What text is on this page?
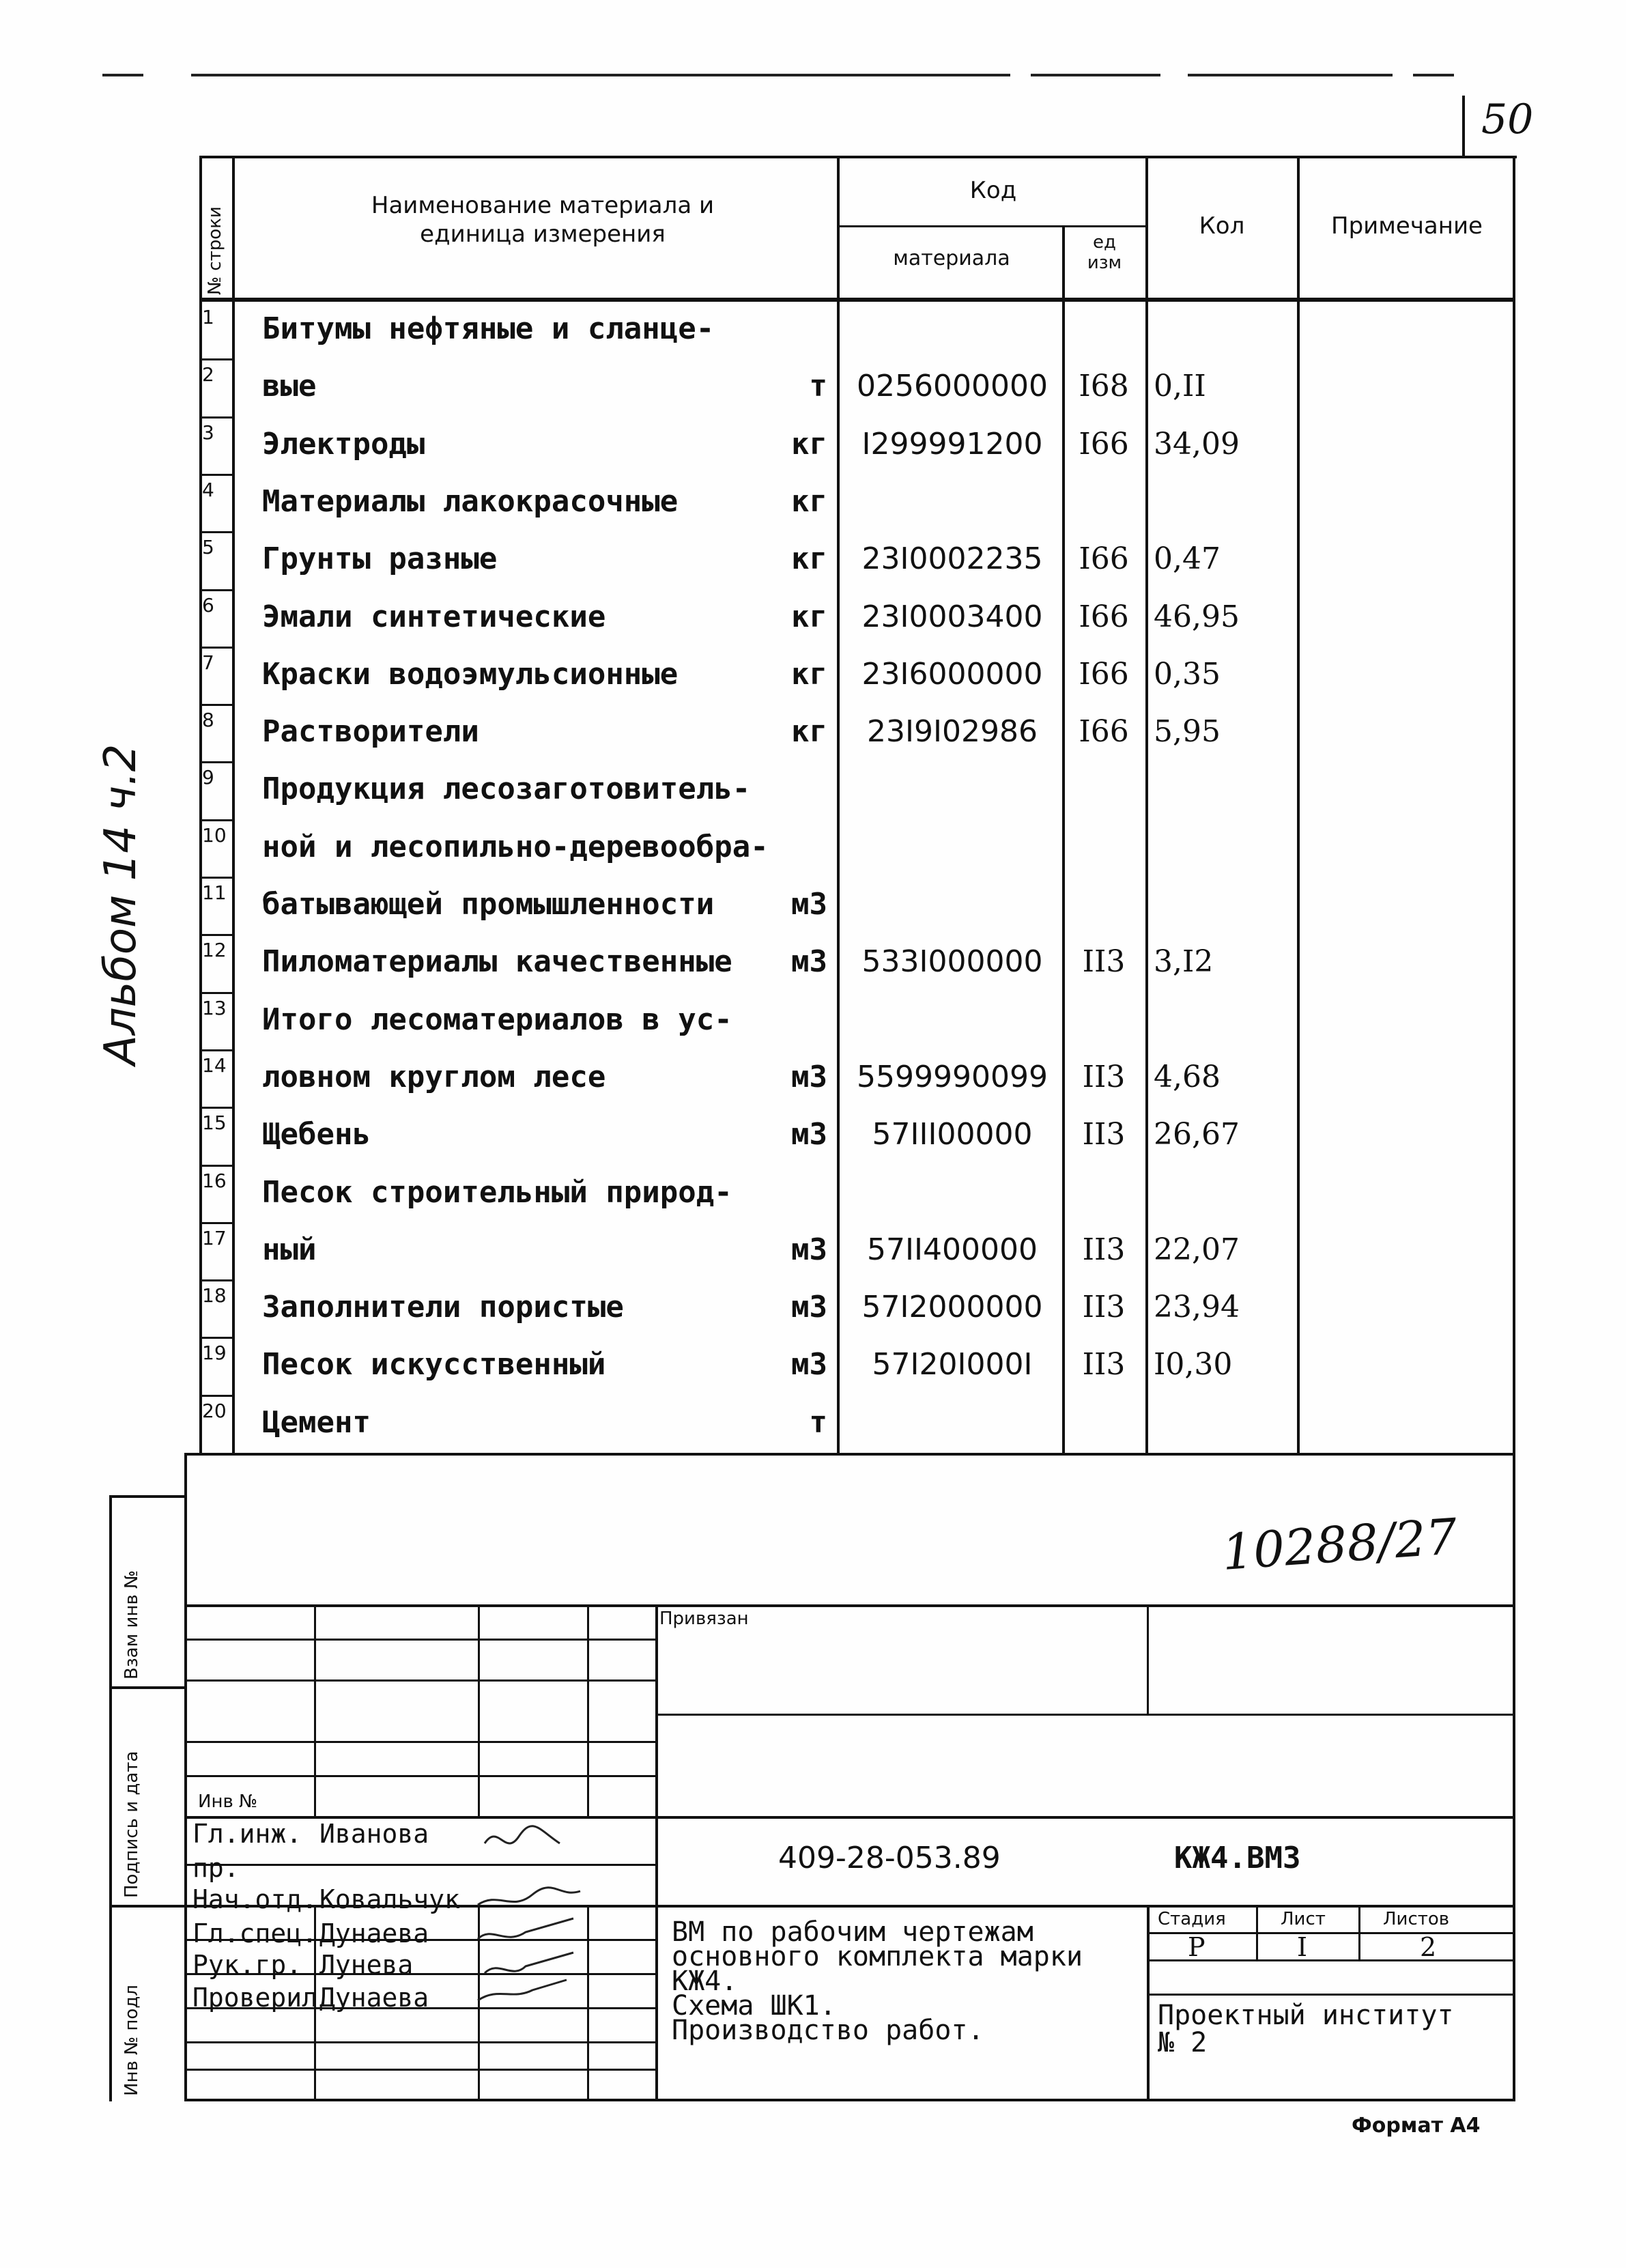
50
№ строки
Наименование материала и
единица измерения
Код
материала
ед
изм
Кол	Примечание
1	Битумы нефтяные и сланце-
2	вые	т 0256000000	I68 0,II
3	Электроды	кг	I299991200	I66 34,09
4	Материалы лакокрасочные	кг
5	Грунты разные	кг	23I0002235	I66 0,47
6	Эмали синтетические	кг	23I0003400	I66 46,95
7	Краски водоэмульсионные	кг	23I6000000	I66 0,35
8	Растворители	кг	23I9I02986	I66 5,95
9	Продукция лесозаготовитель-
10 ной и лесопильно-деревообра-
11 батывающей промышленности	м3
12 Пиломатериалы качественные	м3	533I000000	II3 3,I2
13 Итого лесоматериалов в ус-
14 ловном круглом лесе	м3 5599990099	II3 4,68
15 Щебень	м3	57III00000	II3 26,67
16 Песок строительный природ-
17 ный	м3	57II400000	II3 22,07
18 Заполнители пористые	м3	57I2000000	II3 23,94
19 Песок искусственный	м3	57I20I000I	II3 I0,30
20 Цемент	т
Альбом 14 ч.2
10288/27
Взам инв №
Подпись и дата
Инв № подл
Привязан
Инв №
Гл.инж. Иванова
пр.
Нач.отд. Ковальчук
Гл.спец. Дунаева
Рук.гр. Лунева
Проверил Дунаева
409-28-053.89	КЖ4.ВМ3
ВМ по рабочим чертежам
основного комплекта марки
КЖ4.
Схема ШК1.
Производство работ.
Стадия	Лист	Листов
Р	I	2
Проектный институт
№ 2
Формат А4
